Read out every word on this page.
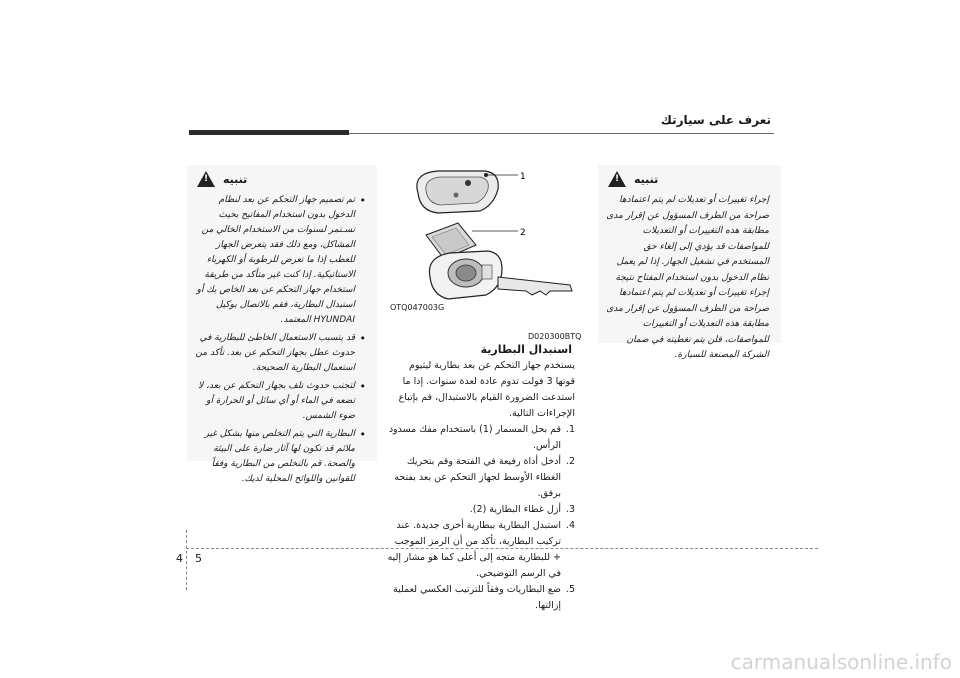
تعرف على سيارتك
تنبيه
!
• تم تصميم جهاز التحكم عن بعد لنظام الدخول بدون استخدام المفاتيح بحيث تسـتمر لسنوات من الاستخدام الخالي من المشاكل، ومع ذلك فقد يتعرض الجهاز للعطب إذا ما تعرض للرطوبة أو الكهرباء الاستاتيكية. إذا كنت غير متأكد من طريقة استخدام جهاز التحكم عن بعد الخاص بك أو استبدال البطارية، فقم بالاتصال بوكيل HYUNDAI المعتمد.
• قد يتسبب الاستعمال الخاطئ للبطارية في حدوث عطل بجهاز التحكم عن بعد. تأكد من استعمال البطارية الصحيحة.
• لتجنب حدوث تلف بجهاز التحكم عن بعد، لا تضعه في الماء أو أي سائل أو الحرارة أو ضوء الشمس.
• البطارية التي يتم التخلص منها بشكل غير ملائم قد تكون لها آثار ضارة على البيئة والصحة. قم بالتخلص من البطارية وفقاً للقوانين واللوائح المحلية لديك.
تنبيه
!

إجراء تغييرات أو تعديلات لم يتم اعتمادها صراحة من الطرف المسؤول عن إقرار مدى مطابقة هذه التغييرات أو التعديلات للمواصفات قد يؤدي إلى إلغاء حق المستخدم في تشغيل الجهاز. إذا لم يعمل نظام الدخول بدون استخدام المفتاح نتيجة إجراء تغييرات أو تعديلات لم يتم اعتمادها صراحة من الطرف المسؤول عن إقرار مدى مطابقة هذه التعديلات أو التغييرات للمواصفات، فلن يتم تغطيته في ضمان الشركة المصنعة للسيارة.

1
2
OTQ047003G
D020300BTQ
استبدال البطارية

يستخدم جهاز التحكم عن بعد بطارية ليثيوم قوتها 3 فولت تدوم عادة لعدة سنوات. إذا ما استدعت الضرورة القيام بالاستبدال، قم بإتباع الإجراءات التالية.

1.
قم بحل المسمار (1) باستخدام مفك مسدود الرأس.
2.
أدخل أداة رفيعة في الفتحة وقم بتحريك الغطاء الأوسط لجهاز التحكم عن بعد بفتحه برفق.
3.
أزل غطاء البطارية (2).
4.
استبدل البطارية ببطارية أخرى جديدة. عند تركيب البطارية، تأكد من أن الرمز الموجب + للبطارية متجه إلى أعلى كما هو مشار إليه في الرسم التوضيحي.
5.
ضع البطاريات وفقاً للترتيب العكسي لعملية إزالتها.
4 5
carmanualsonline.info
